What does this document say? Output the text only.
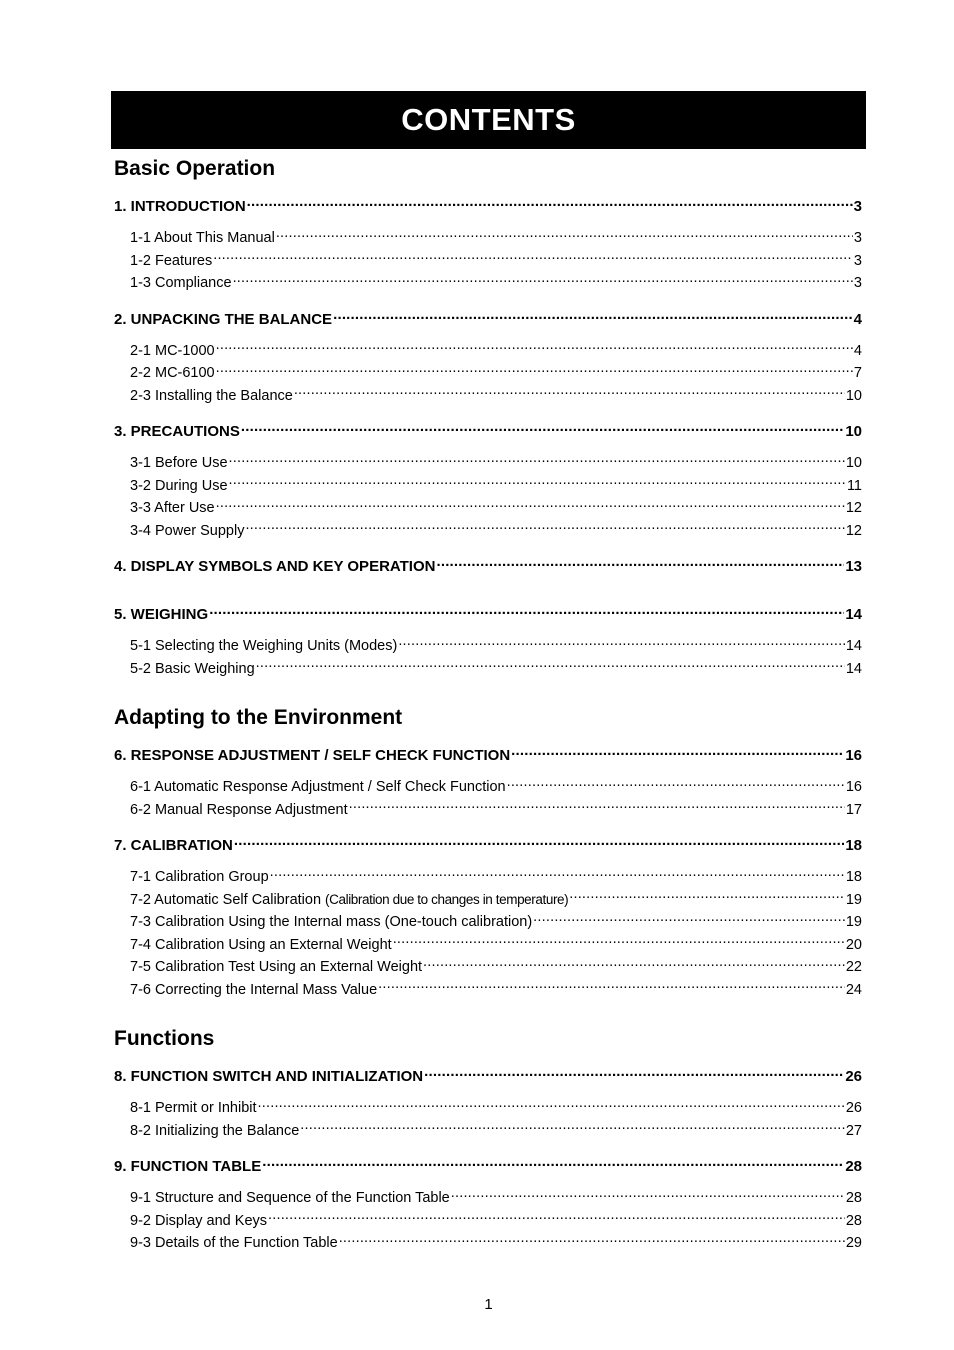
CONTENTS
Basic Operation
1. INTRODUCTION .....	3
1-1 About This Manual .....	3
1-2 Features .....	3
1-3 Compliance .....	3
2. UNPACKING THE BALANCE .....	4
2-1 MC-1000 .....	4
2-2 MC-6100 .....	7
2-3 Installing the Balance .....	10
3. PRECAUTIONS .....	10
3-1 Before Use .....	10
3-2 During Use .....	11
3-3 After Use .....	12
3-4 Power Supply .....	12
4. DISPLAY SYMBOLS AND KEY OPERATION .....	13
5. WEIGHING .....	14
5-1 Selecting the Weighing Units (Modes) .....	14
5-2 Basic Weighing .....	14
Adapting to the Environment
6. RESPONSE ADJUSTMENT / SELF CHECK FUNCTION .....	16
6-1 Automatic Response Adjustment / Self Check Function .....	16
6-2 Manual Response Adjustment .....	17
7. CALIBRATION .....	18
7-1 Calibration Group .....	18
7-2 Automatic Self Calibration (Calibration due to changes in temperature) .....	19
7-3 Calibration Using the Internal mass (One-touch calibration) .....	19
7-4 Calibration Using an External Weight .....	20
7-5 Calibration Test Using an External Weight .....	22
7-6 Correcting the Internal Mass Value .....	24
Functions
8. FUNCTION SWITCH AND INITIALIZATION .....	26
8-1 Permit or Inhibit .....	26
8-2 Initializing the Balance .....	27
9. FUNCTION TABLE .....	28
9-1 Structure and Sequence of the Function Table .....	28
9-2 Display and Keys .....	28
9-3 Details of the Function Table .....	29
1
